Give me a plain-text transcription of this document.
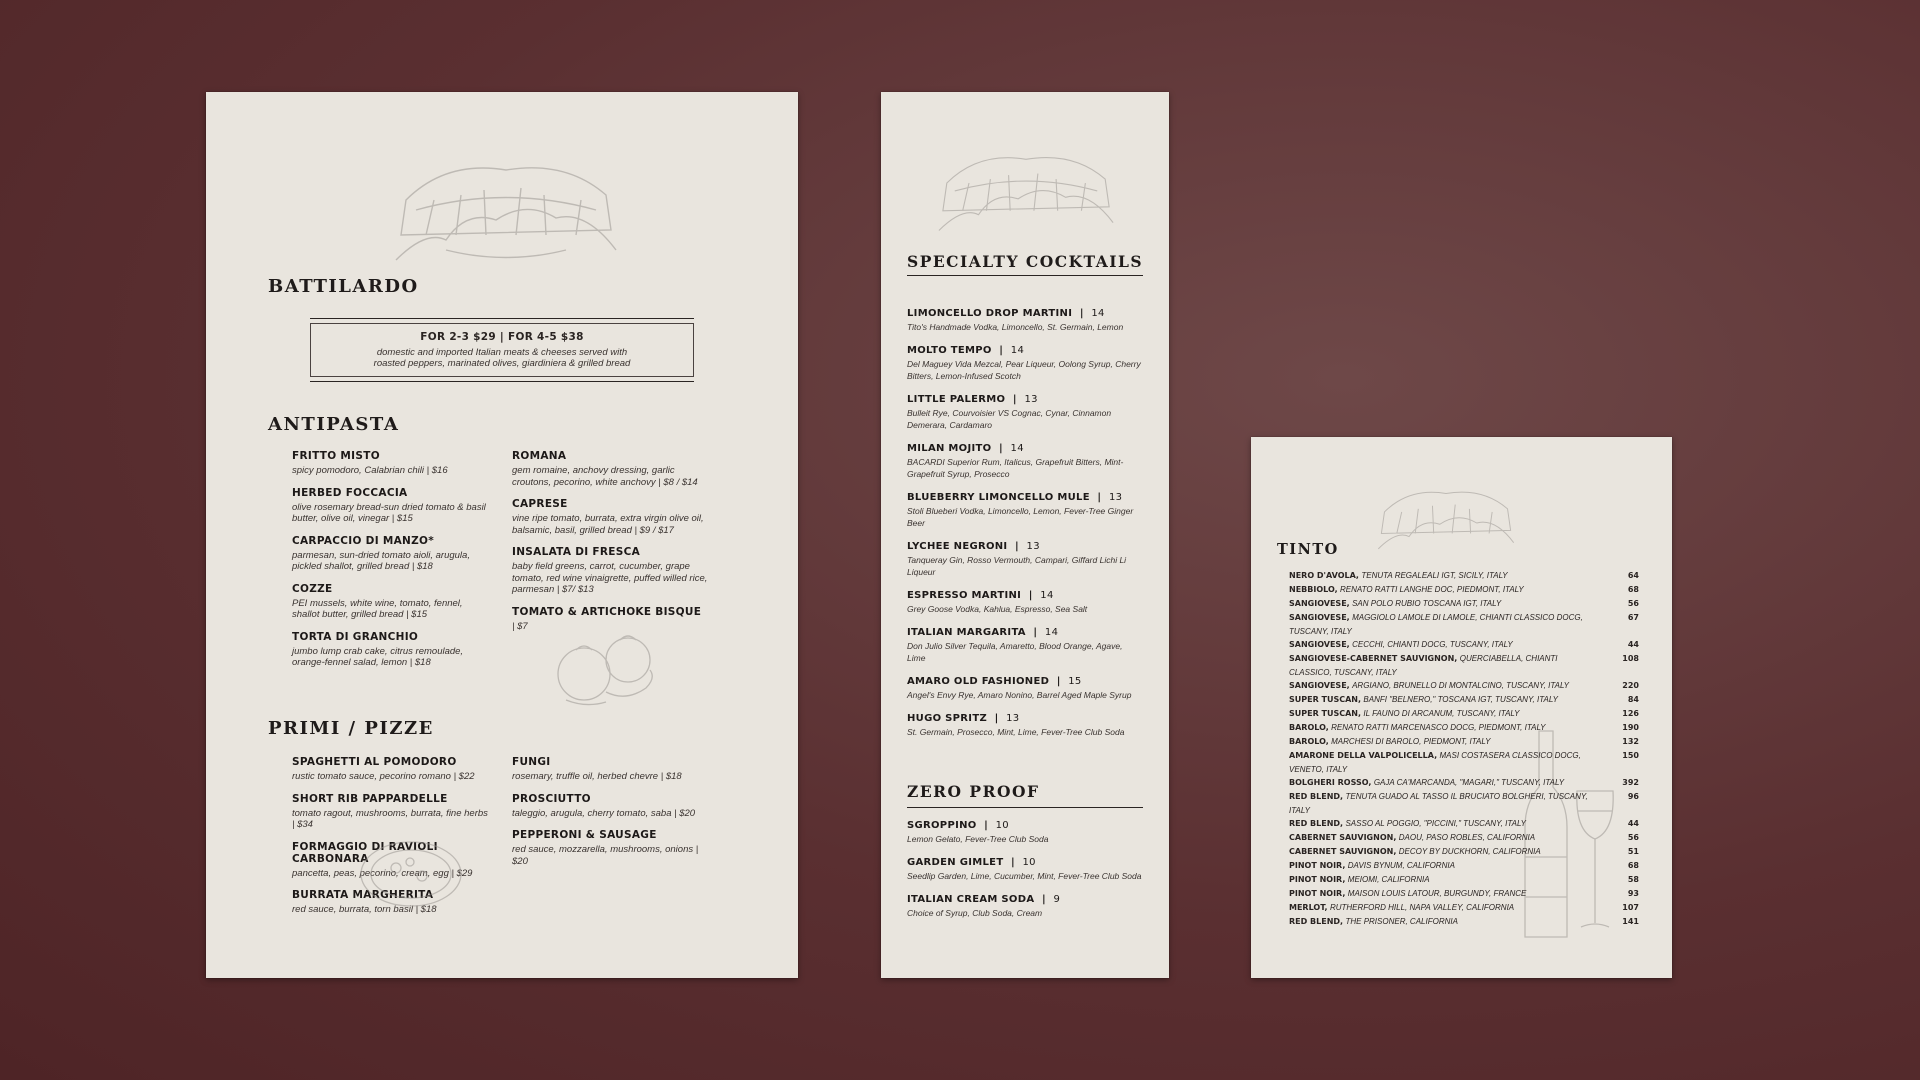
BATTILARDO
FOR 2-3 $29 | FOR 4-5 $38
domestic and imported Italian meats & cheeses served with roasted peppers, marinated olives, giardiniera & grilled bread
ANTIPASTA
FRITTO MISTO
spicy pomodoro, Calabrian chili | $16
HERBED FOCCACIA
olive rosemary bread-sun dried tomato & basil butter, olive oil, vinegar | $15
CARPACCIO DI MANZO*
parmesan, sun-dried tomato aioli, arugula, pickled shallot, grilled bread | $18
COZZE
PEI mussels, white wine, tomato, fennel, shallot butter, grilled bread | $15
TORTA DI GRANCHIO
jumbo lump crab cake, citrus remoulade, orange-fennel salad, lemon | $18
ROMANA
gem romaine, anchovy dressing, garlic croutons, pecorino, white anchovy | $8 / $14
CAPRESE
vine ripe tomato, burrata, extra virgin olive oil, balsamic, basil, grilled bread | $9 / $17
INSALATA DI FRESCA
baby field greens, carrot, cucumber, grape tomato, red wine vinaigrette, puffed willed rice, parmesan | $7/ $13
TOMATO & ARTICHOKE BISQUE
| $7
PRIMI / PIZZE
SPAGHETTI AL POMODORO
rustic tomato sauce, pecorino romano | $22
SHORT RIB PAPPARDELLE
tomato ragout, mushrooms, burrata, fine herbs | $34
FORMAGGIO DI RAVIOLI CARBONARA
pancetta, peas, pecorino, cream, egg | $29
BURRATA MARGHERITA
red sauce, burrata, torn basil | $18
FUNGI
rosemary, truffle oil, herbed chevre | $18
PROSCIUTTO
taleggio, arugula, cherry tomato, saba | $20
PEPPERONI & SAUSAGE
red sauce, mozzarella, mushrooms, onions | $20
SPECIALTY COCKTAILS
LIMONCELLO DROP MARTINI  |  14
Tito's Handmade Vodka, Limoncello, St. Germain, Lemon
MOLTO TEMPO  |  14
Del Maguey Vida Mezcal, Pear Liqueur, Oolong Syrup, Cherry Bitters, Lemon-Infused Scotch
LITTLE PALERMO  |  13
Bulleit Rye, Courvoisier VS Cognac, Cynar, Cinnamon Demerara, Cardamaro
MILAN MOJITO  |  14
BACARDI Superior Rum, Italicus, Grapefruit Bitters, Mint-Grapefruit Syrup, Prosecco
BLUEBERRY LIMONCELLO MULE  |  13
Stoli Blueberi Vodka, Limoncello, Lemon, Fever-Tree Ginger Beer
LYCHEE NEGRONI  |  13
Tanqueray Gin, Rosso Vermouth, Campari, Giffard Lichi Li Liqueur
ESPRESSO MARTINI  |  14
Grey Goose Vodka, Kahlua, Espresso, Sea Salt
ITALIAN MARGARITA  |  14
Don Julio Silver Tequila, Amaretto, Blood Orange, Agave, Lime
AMARO OLD FASHIONED  |  15
Angel's Envy Rye, Amaro Nonino, Barrel Aged Maple Syrup
HUGO SPRITZ  |  13
St. Germain, Prosecco, Mint, Lime, Fever-Tree Club Soda
ZERO PROOF
SGROPPINO  |  10
Lemon Gelato, Fever-Tree Club Soda
GARDEN GIMLET  |  10
Seedlip Garden, Lime, Cucumber, Mint, Fever-Tree Club Soda
ITALIAN CREAM SODA  |  9
Choice of Syrup, Club Soda, Cream
TINTO
NERO D'AVOLA, TENUTA REGALEALI IGT, SICILY, ITALY	64
NEBBIOLO, RENATO RATTI LANGHE DOC, PIEDMONT, ITALY	68
SANGIOVESE, SAN POLO RUBIO TOSCANA IGT, ITALY	56
SANGIOVESE, MAGGIOLO LAMOLE DI LAMOLE, CHIANTI CLASSICO DOCG, TUSCANY, ITALY
67
SANGIOVESE, CECCHI, CHIANTI DOCG, TUSCANY, ITALY	44
SANGIOVESE-CABERNET SAUVIGNON, QUERCIABELLA, CHIANTI CLASSICO, TUSCANY, ITALY
108
SANGIOVESE, ARGIANO, BRUNELLO DI MONTALCINO, TUSCANY, ITALY	220
SUPER TUSCAN, BANFI "BELNERO," TOSCANA IGT, TUSCANY, ITALY	84
SUPER TUSCAN, IL FAUNO DI ARCANUM, TUSCANY, ITALY	126
BAROLO, RENATO RATTI MARCENASCO DOCG, PIEDMONT, ITALY	190
BAROLO, MARCHESI DI BAROLO, PIEDMONT, ITALY	132
AMARONE DELLA VALPOLICELLA, MASI COSTASERA CLASSICO DOCG, VENETO, ITALY
150
BOLGHERI ROSSO, GAJA CA'MARCANDA, "MAGARI," TUSCANY, ITALY	392
RED BLEND, TENUTA GUADO AL TASSO IL BRUCIATO BOLGHERI, TUSCANY, ITALY
96
RED BLEND, SASSO AL POGGIO, "PICCINI," TUSCANY, ITALY	44
CABERNET SAUVIGNON, DAOU, PASO ROBLES, CALIFORNIA	56
CABERNET SAUVIGNON, DECOY BY DUCKHORN, CALIFORNIA	51
PINOT NOIR, DAVIS BYNUM, CALIFORNIA	68
PINOT NOIR, MEIOMI, CALIFORNIA	58
PINOT NOIR, MAISON LOUIS LATOUR, BURGUNDY, FRANCE	93
MERLOT, RUTHERFORD HILL, NAPA VALLEY, CALIFORNIA	107
RED BLEND, THE PRISONER, CALIFORNIA	141
